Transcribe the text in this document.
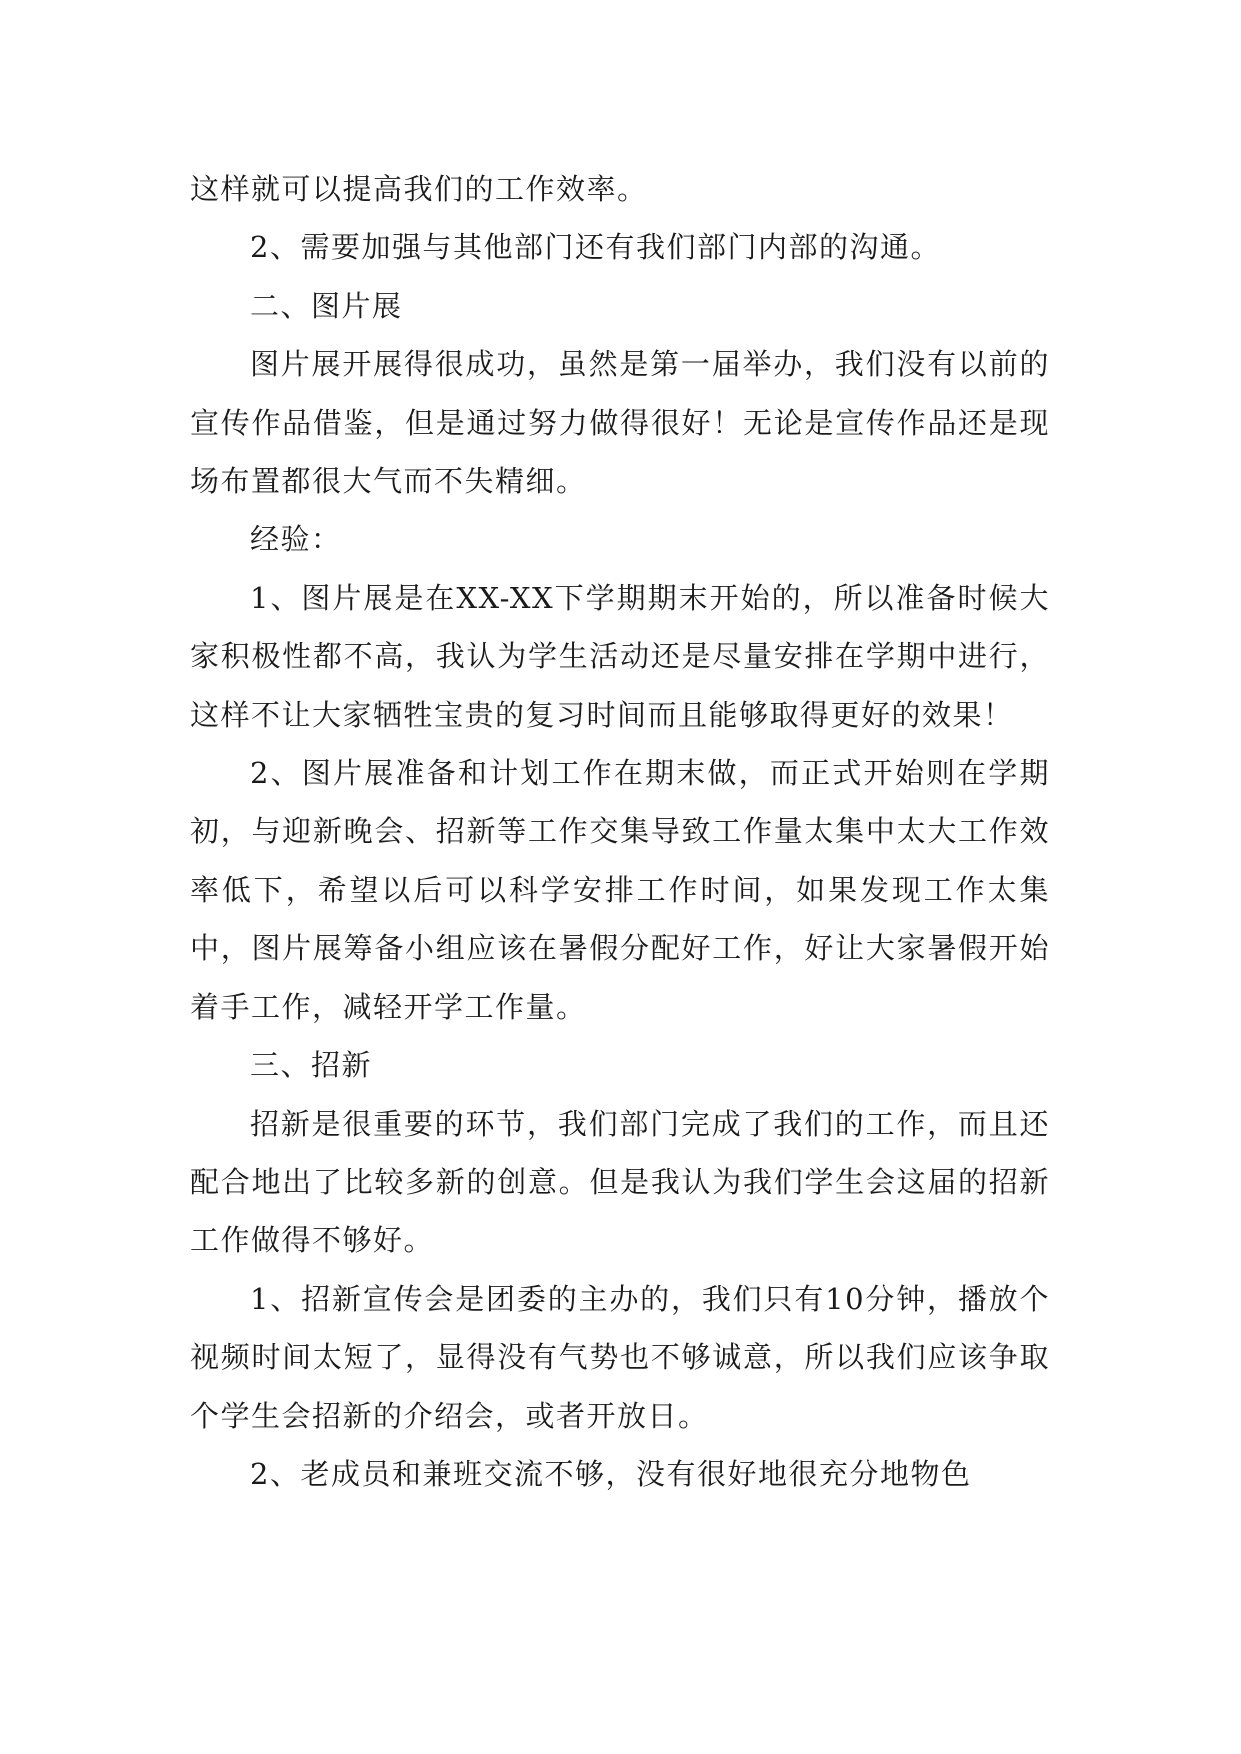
这样就可以提高我们的工作效率。

2、需要加强与其他部门还有我们部门内部的沟通。

二、图片展

图片展开展得很成功，虽然是第一届举办，我们没有以前的宣传作品借鉴，但是通过努力做得很好！无论是宣传作品还是现场布置都很大气而不失精细。

经验：

1、图片展是在XX-XX下学期期末开始的，所以准备时候大家积极性都不高，我认为学生活动还是尽量安排在学期中进行，这样不让大家牺牲宝贵的复习时间而且能够取得更好的效果！

2、图片展准备和计划工作在期末做，而正式开始则在学期初，与迎新晚会、招新等工作交集导致工作量太集中太大工作效率低下，希望以后可以科学安排工作时间，如果发现工作太集中，图片展筹备小组应该在暑假分配好工作，好让大家暑假开始着手工作，减轻开学工作量。

三、招新

招新是很重要的环节，我们部门完成了我们的工作，而且还配合地出了比较多新的创意。但是我认为我们学生会这届的招新工作做得不够好。

1、招新宣传会是团委的主办的，我们只有10分钟，播放个视频时间太短了，显得没有气势也不够诚意，所以我们应该争取个学生会招新的介绍会，或者开放日。

2、老成员和兼班交流不够，没有很好地很充分地物色
